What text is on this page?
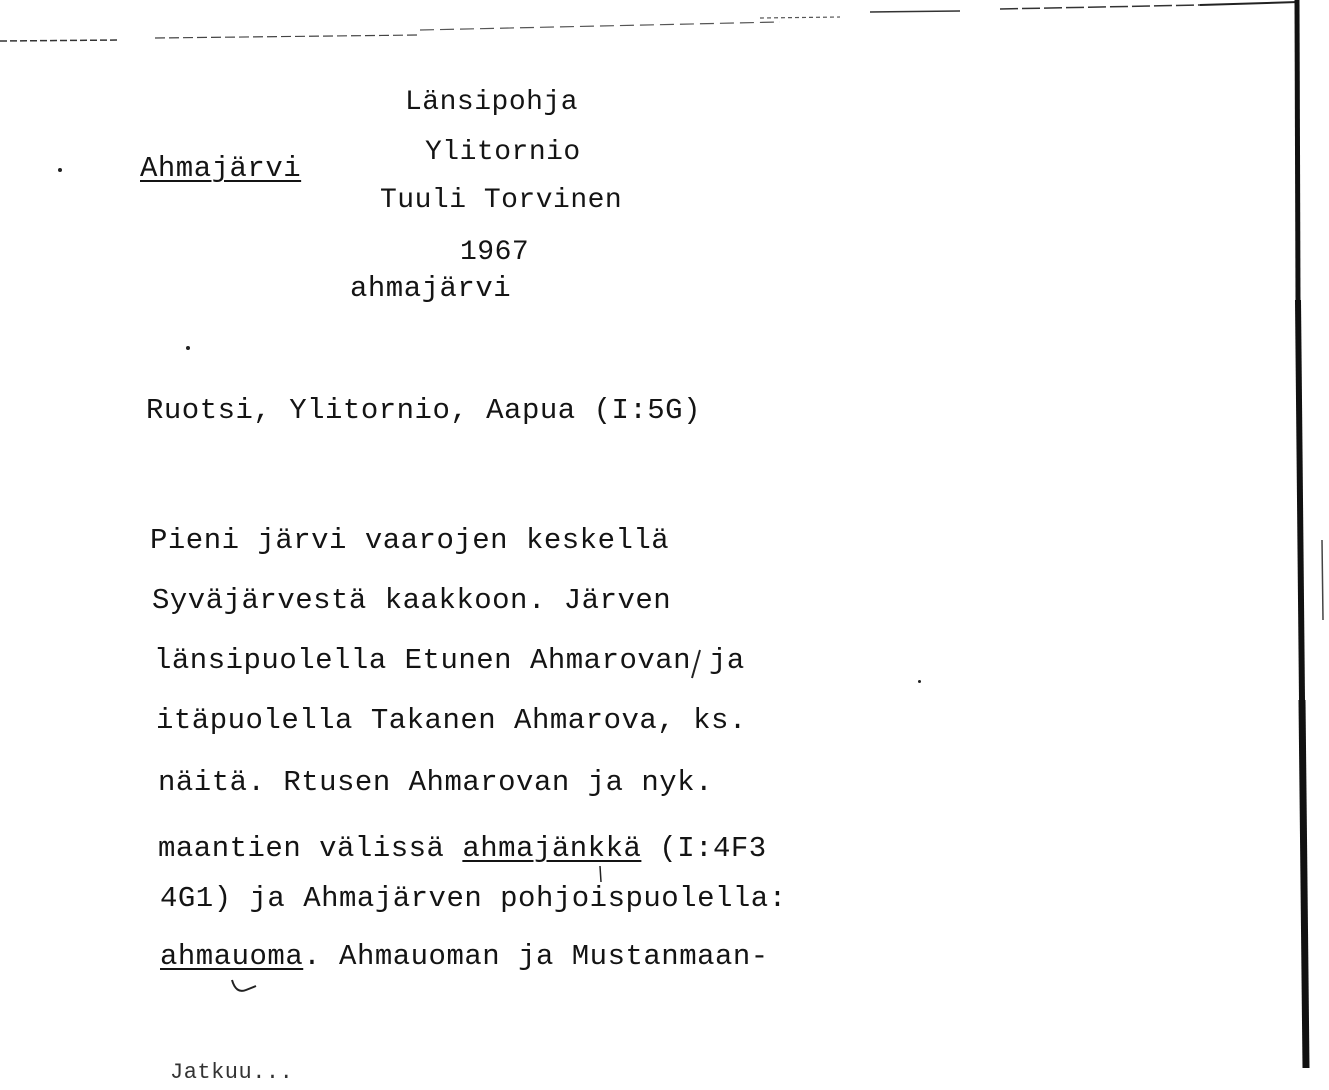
Länsipohja
Ylitornio
Tuuli Torvinen
1967
ahmajärvi
Ahmajärvi
Ruotsi, Ylitornio, Aapua (I:5G)
Pieni järvi vaarojen keskellä
Syväjärvestä kaakkoon. Järven
länsipuolella Etunen Ahmarovan ja
itäpuolella Takanen Ahmarova, ks.
näitä. Rtusen Ahmarovan ja nyk.
maantien välissä ahmajänkkä (I:4F3
4G1) ja Ahmajärven pohjoispuolella:
ahmauoma. Ahmauoman ja Mustanmaan-
Jatkuu...
